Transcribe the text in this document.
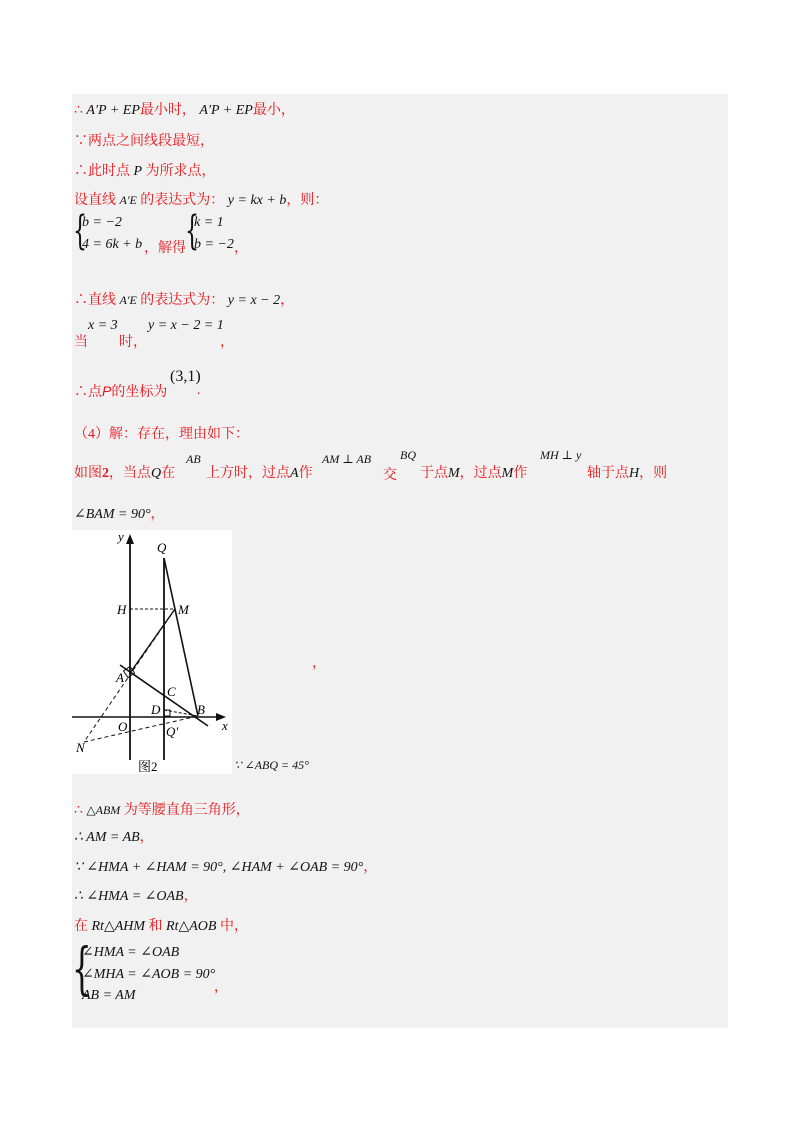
∴ A′P + EP最小时， A′P + EP最小，
∵两点之间线段最短，
∴此时点 P 为所求点，
设直线 A′E 的表达式为： y = kx + b，则：
{
b = −2
4 = 6k + b ，解得 {
k = 1
b = −2 ，
∴直线 A′E 的表达式为： y = x − 2，
当
x = 3
时，
y = x − 2 = 1
，
∴点P的坐标为
(3,1)
.
（4）解：存在，理由如下：
如图2，当点Q在
AB
上方时，过点A作
AM ⊥ AB
交
BQ
于点M，过点M作
MH ⊥ y
轴于点H，则
∠BAM = 90°，
y
x
Q
H	M
A
C
D	B
O	Q′
N
图2
，
∵ ∠ABQ = 45°
∴ △ABM 为等腰直角三角形，
∴ AM = AB，
∵ ∠HMA + ∠HAM = 90°, ∠HAM + ∠OAB = 90°，
∴ ∠HMA = ∠OAB，
在 Rt△AHM 和 Rt△AOB 中，
{
∠HMA = ∠OAB
∠MHA = ∠AOB = 90°
AB = AM
，
